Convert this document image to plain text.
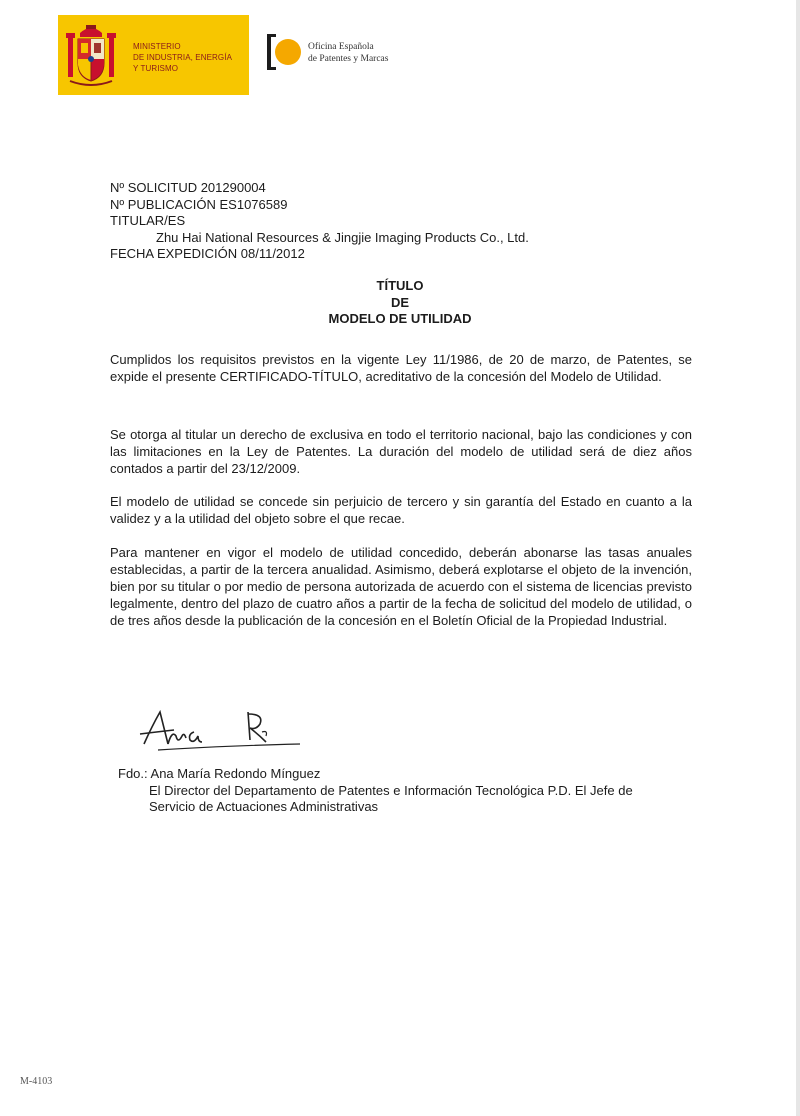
MINISTERIO
DE INDUSTRIA, ENERGÍA
Y TURISMO
Oficina Española
de Patentes y Marcas
Nº SOLICITUD 201290004
Nº PUBLICACIÓN ES1076589
TITULAR/ES
Zhu Hai National Resources & Jingjie Imaging Products Co., Ltd.
FECHA EXPEDICIÓN 08/11/2012
TÍTULO
DE
MODELO DE UTILIDAD
Cumplidos los requisitos previstos en la vigente Ley 11/1986, de 20 de marzo, de Patentes, se expide el presente CERTIFICADO-TÍTULO, acreditativo de la concesión del Modelo de Utilidad.
Se otorga al titular un derecho de exclusiva en todo el territorio nacional, bajo las condiciones y con las limitaciones en la Ley de Patentes. La duración del modelo de utilidad será de diez años contados a partir del 23/12/2009.
El modelo de utilidad se concede sin perjuicio de tercero y sin garantía del Estado en cuanto a la validez y a la utilidad del objeto sobre el que recae.
Para mantener en vigor el modelo de utilidad concedido, deberán abonarse las tasas anuales establecidas, a partir de la tercera anualidad. Asimismo, deberá explotarse el objeto de la invención, bien por su titular o por medio de persona autorizada de acuerdo con el sistema de licencias previsto legalmente, dentro del plazo de cuatro años a partir de la fecha de solicitud del modelo de utilidad, o de tres años desde la publicación de la concesión en el Boletín Oficial de la Propiedad Industrial.
Fdo.: Ana María Redondo Mínguez
El Director del Departamento de Patentes e Información Tecnológica P.D. El Jefe de
Servicio de Actuaciones Administrativas
M-4103
